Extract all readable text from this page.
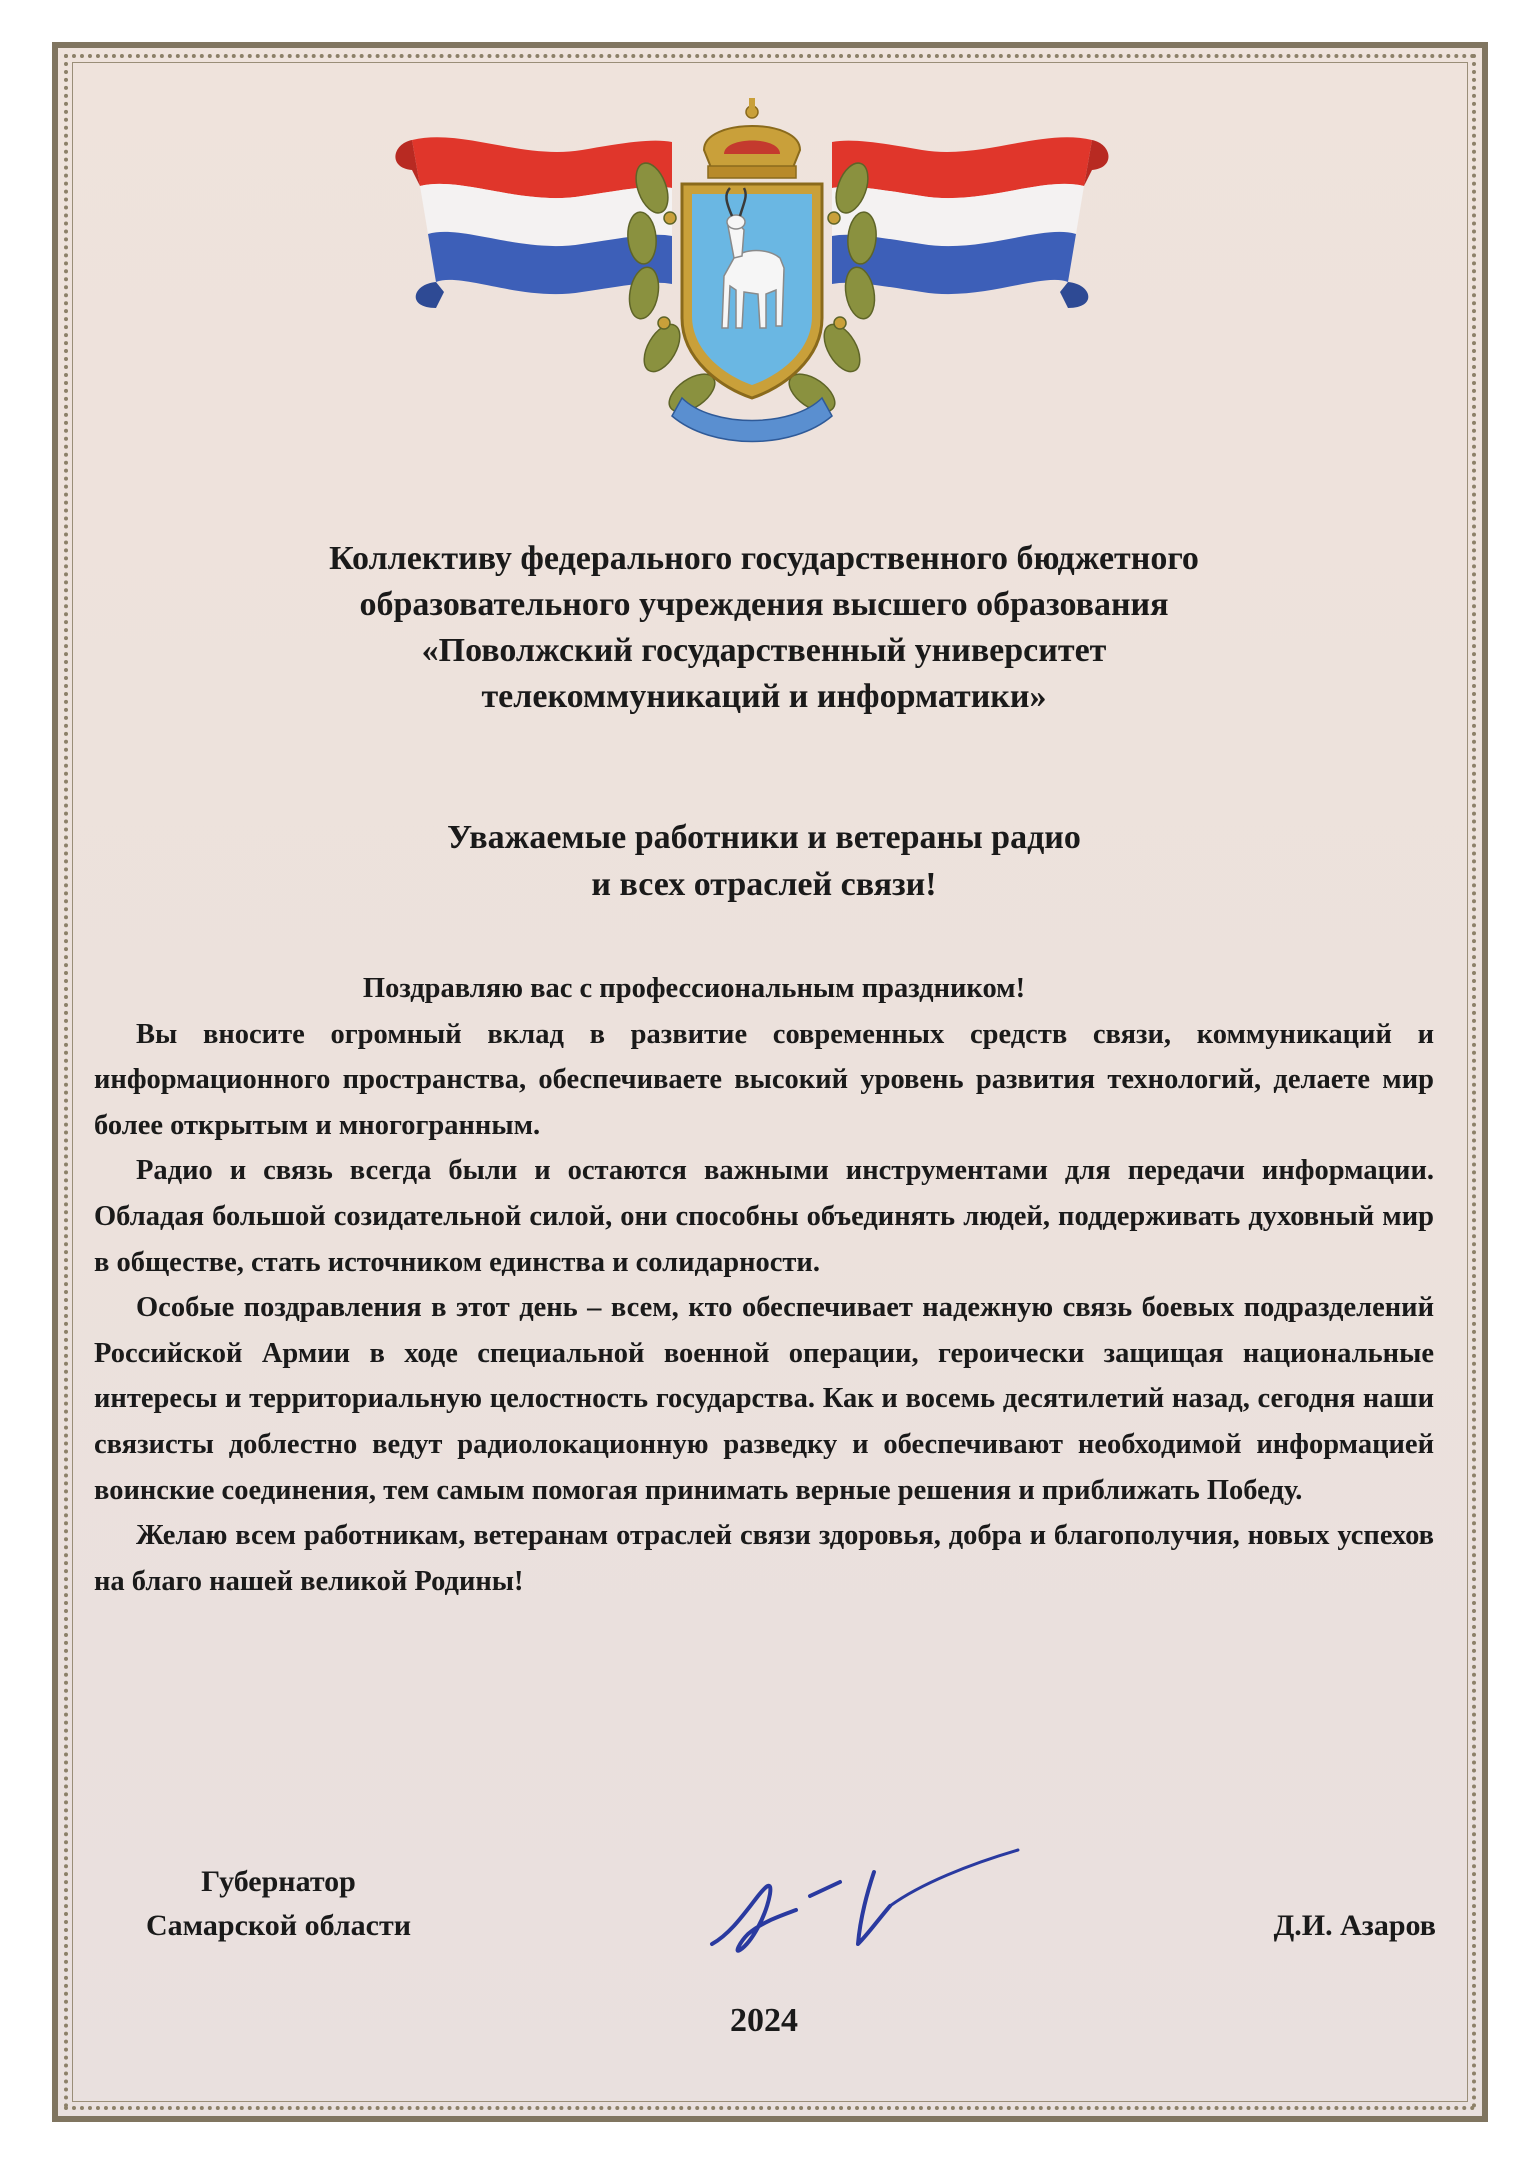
Коллективу федерального государственного бюджетного
образовательного учреждения высшего образования
«Поволжский государственный университет
телекоммуникаций и информатики»
Уважаемые работники и ветераны радио
и всех отраслей связи!

Поздравляю вас с профессиональным праздником!

Вы вносите огромный вклад в развитие современных средств связи, коммуникаций и информационного пространства, обеспечиваете высокий уровень развития технологий, делаете мир более открытым и многогранным.

Радио и связь всегда были и остаются важными инструментами для передачи информации. Обладая большой созидательной силой, они способны объединять людей, поддерживать духовный мир в обществе, стать источником единства и солидарности.

Особые поздравления в этот день – всем, кто обеспечивает надежную связь боевых подразделений Российской Армии в ходе специальной военной операции, героически защищая национальные интересы и территориальную целостность государства. Как и восемь десятилетий назад, сегодня наши связисты доблестно ведут радиолокационную разведку и обеспечивают необходимой информацией воинские соединения, тем самым помогая принимать верные решения и приближать Победу.

Желаю всем работникам, ветеранам отраслей связи здоровья, добра и благополучия, новых успехов на благо нашей великой Родины!

Губернатор
Самарской области	Д.И. Азаров
2024
